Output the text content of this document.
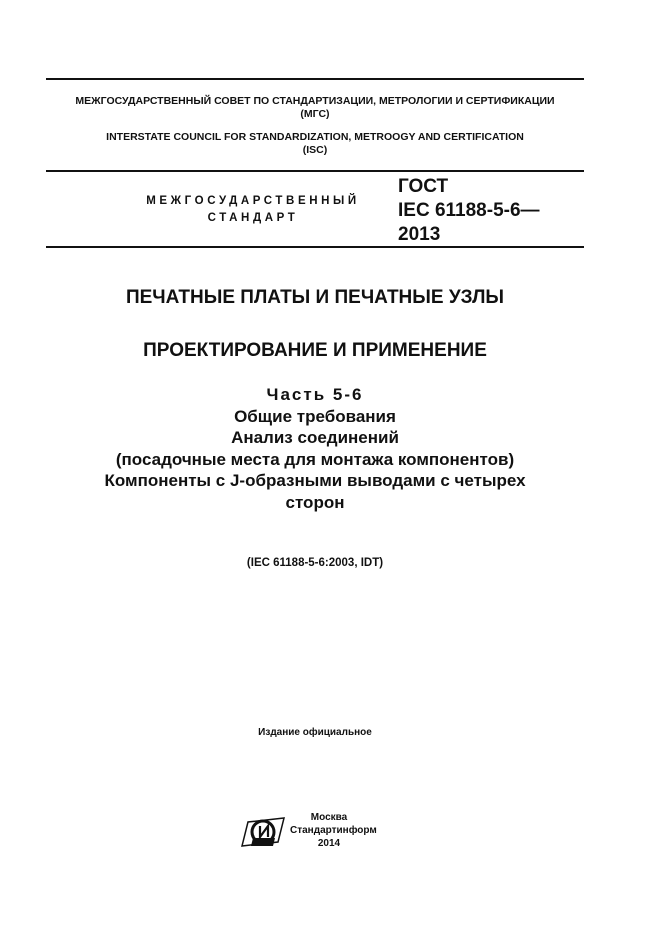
МЕЖГОСУДАРСТВЕННЫЙ СОВЕТ ПО СТАНДАРТИЗАЦИИ, МЕТРОЛОГИИ И СЕРТИФИКАЦИИ
(МГС)
INTERSTATE COUNCIL FOR STANDARDIZATION, METROOGY AND CERTIFICATION
(ISC)
МЕЖГОСУДАРСТВЕННЫЙ
СТАНДАРТ
ГОСТ
IEC 61188-5-6—
2013
ПЕЧАТНЫЕ ПЛАТЫ И ПЕЧАТНЫЕ УЗЛЫ
ПРОЕКТИРОВАНИЕ И ПРИМЕНЕНИЕ
Часть 5-6
Общие требования
Анализ соединений
(посадочные места для монтажа компонентов)
Компоненты с J-образными выводами с четырех
сторон
(IEC 61188-5-6:2003, IDT)
Издание официальное
Москва
Стандартинформ
2014
